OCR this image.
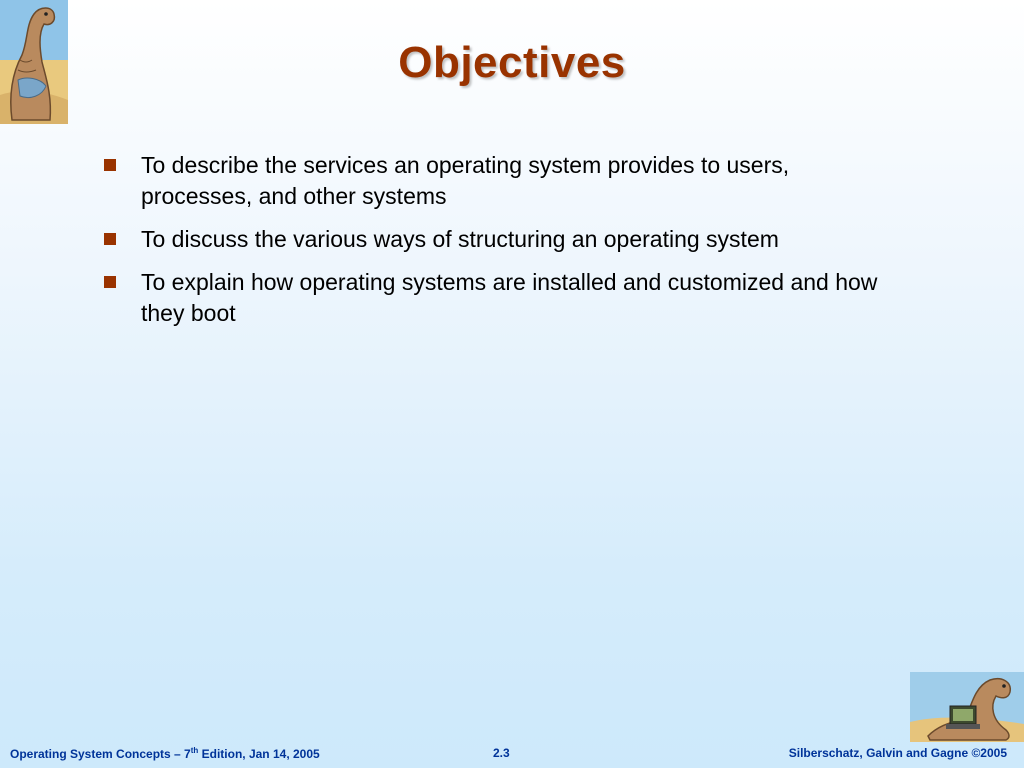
Objectives
To describe the services an operating system provides to users, processes, and other systems
To discuss the various ways of structuring an operating system
To explain how operating systems are installed and customized and how they boot
Operating System Concepts – 7th Edition, Jan 14, 2005	2.3	Silberschatz, Galvin and Gagne ©2005
